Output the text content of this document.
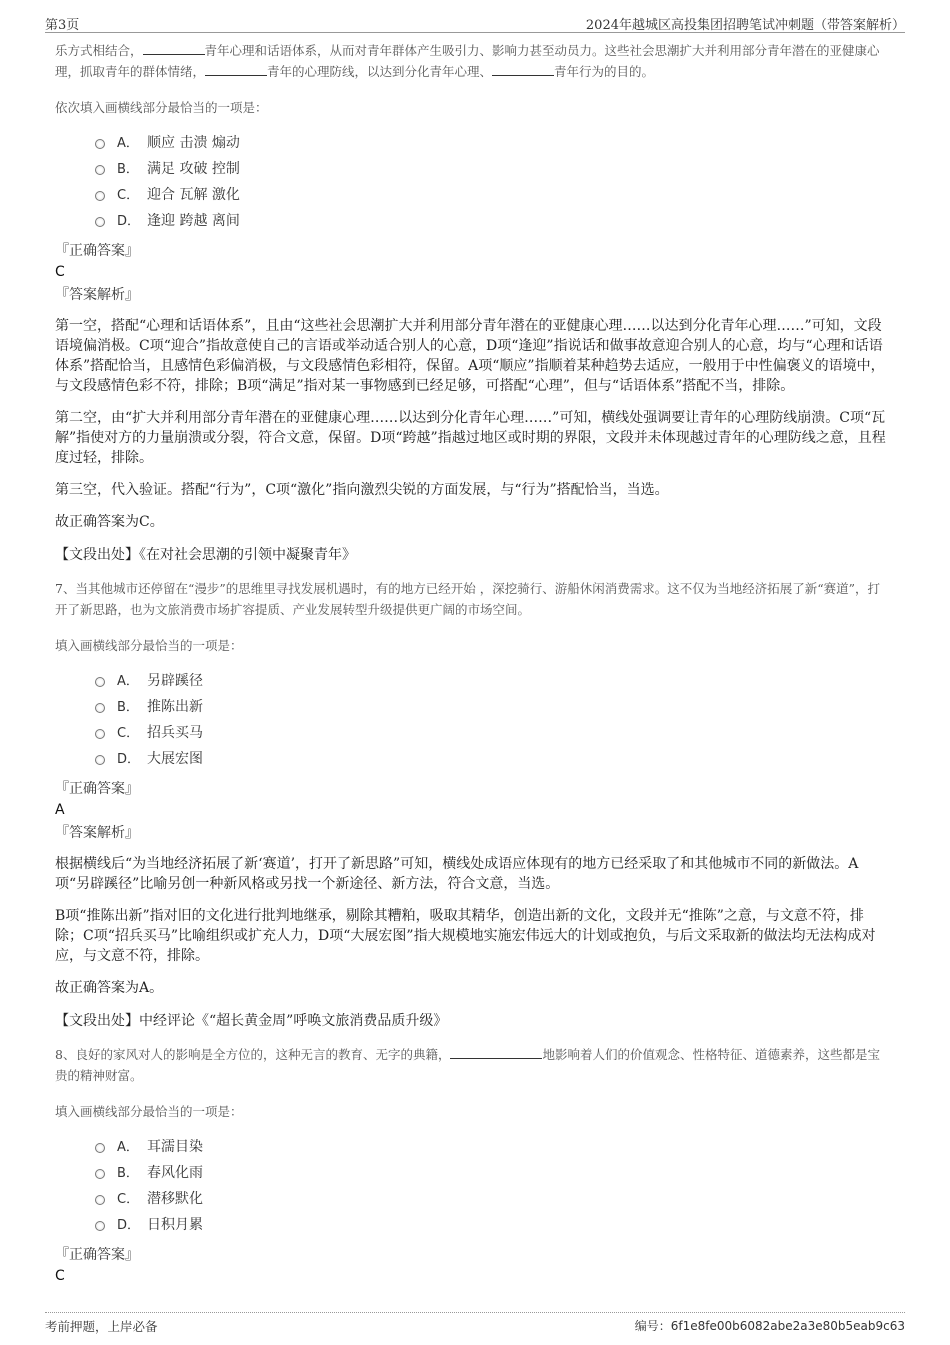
第3页	2024年越城区高投集团招聘笔试冲刺题（带答案解析）

乐方式相结合，	青年心理和话语体系，从而对青年群体产生吸引力、影响力甚至动员力。这些社会思潮扩大并利用部分青年潜在的亚健康心理，抓取青年的群体情绪，	青年的心理防线，以达到分化青年心理、	青年行为的目的。

依次填入画横线部分最恰当的一项是：

A． 顺应 击溃 煽动
B． 满足 攻破 控制
C． 迎合 瓦解 激化
D． 逢迎 跨越 离间

『正确答案』

C

『答案解析』

第一空，搭配“心理和话语体系”，且由“这些社会思潮扩大并利用部分青年潜在的亚健康心理……以达到分化青年心理……”可知，文段语境偏消极。C项“迎合”指故意使自己的言语或举动适合别人的心意，D项“逢迎”指说话和做事故意迎合别人的心意，均与“心理和话语体系”搭配恰当，且感情色彩偏消极，与文段感情色彩相符，保留。A项“顺应”指顺着某种趋势去适应，一般用于中性偏褒义的语境中，与文段感情色彩不符，排除；B项“满足”指对某一事物感到已经足够，可搭配“心理”，但与“话语体系”搭配不当，排除。

第二空，由“扩大并利用部分青年潜在的亚健康心理……以达到分化青年心理……”可知，横线处强调要让青年的心理防线崩溃。C项“瓦解”指使对方的力量崩溃或分裂，符合文意，保留。D项“跨越”指越过地区或时期的界限，文段并未体现越过青年的心理防线之意，且程度过轻，排除。

第三空，代入验证。搭配“行为”，C项“激化”指向激烈尖锐的方面发展，与“行为”搭配恰当，当选。

故正确答案为C。

【文段出处】《在对社会思潮的引领中凝聚青年》

7、当其他城市还停留在“漫步”的思维里寻找发展机遇时，有的地方已经开始 ，深挖骑行、游船休闲消费需求。这不仅为当地经济拓展了新“赛道”，打开了新思路，也为文旅消费市场扩容提质、产业发展转型升级提供更广阔的市场空间。

填入画横线部分最恰当的一项是：

A． 另辟蹊径
B． 推陈出新
C． 招兵买马
D． 大展宏图

『正确答案』

A

『答案解析』

根据横线后“为当地经济拓展了新‘赛道’，打开了新思路”可知，横线处成语应体现有的地方已经采取了和其他城市不同的新做法。A项“另辟蹊径”比喻另创一种新风格或另找一个新途径、新方法，符合文意，当选。

B项“推陈出新”指对旧的文化进行批判地继承，剔除其糟粕，吸取其精华，创造出新的文化，文段并无“推陈”之意，与文意不符，排除；C项“招兵买马”比喻组织或扩充人力，D项“大展宏图”指大规模地实施宏伟远大的计划或抱负，与后文采取新的做法均无法构成对应，与文意不符，排除。

故正确答案为A。

【文段出处】中经评论《“超长黄金周”呼唤文旅消费品质升级》

8、良好的家风对人的影响是全方位的，这种无言的教育、无字的典籍，	地影响着人们的价值观念、性格特征、道德素养，这些都是宝贵的精神财富。

填入画横线部分最恰当的一项是：

A． 耳濡目染
B． 春风化雨
C． 潜移默化
D． 日积月累

『正确答案』

C

考前押题，上岸必备	编号：6f1e8fe00b6082abe2a3e80b5eab9c63
